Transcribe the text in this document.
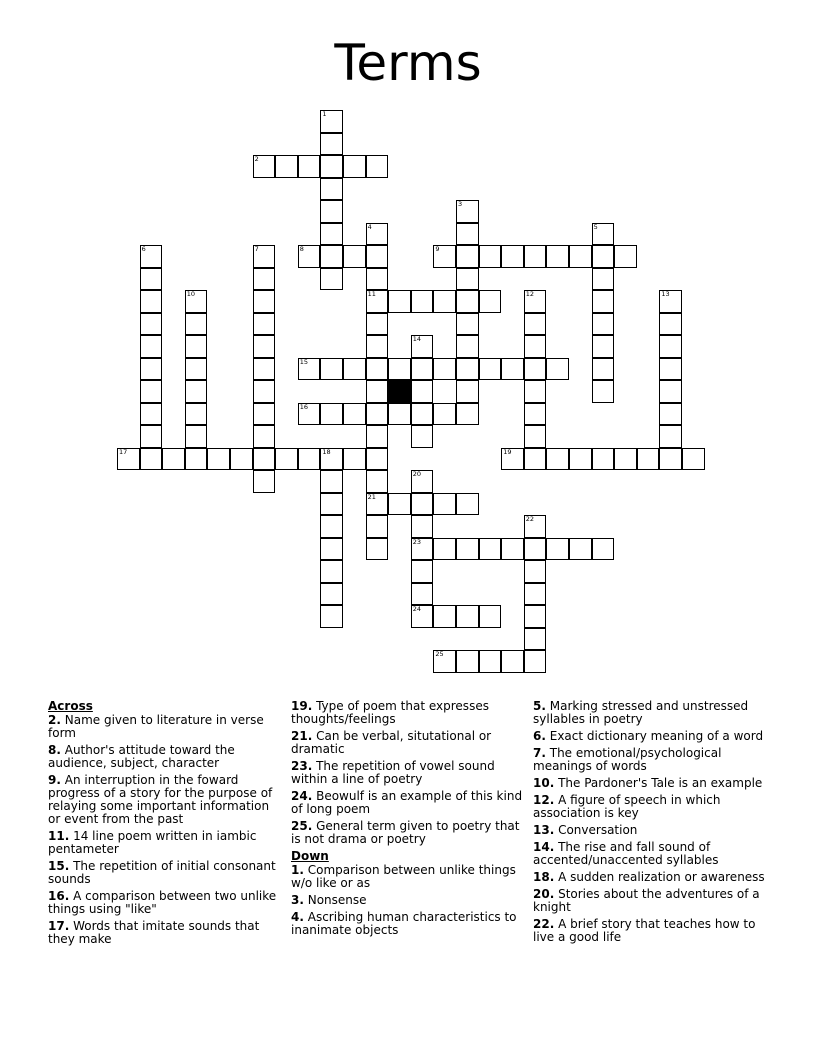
Terms
1
2
3
4
11
21
5
6	7	8	9
10	12	13
14
15
16
17	18	19
20
23
24
22
25
Across
2. Name given to literature in verse form
8. Author's attitude toward the audience, subject, character
9. An interruption in the foward progress of a story for the purpose of relaying some important information or event from the past
11. 14 line poem written in iambic pentameter
15. The repetition of initial consonant sounds
16. A comparison between two unlike things using "like"
17. Words that imitate sounds that they make
19. Type of poem that expresses thoughts/feelings
21. Can be verbal, situtational or dramatic
23. The repetition of vowel sound within a line of poetry
24. Beowulf is an example of this kind of long poem
25. General term given to poetry that is not drama or poetry
Down
1. Comparison between unlike things w/o like or as
3. Nonsense
4. Ascribing human characteristics to inanimate objects
5. Marking stressed and unstressed syllables in poetry
6. Exact dictionary meaning of a word
7. The emotional/psychological meanings of words
10. The Pardoner's Tale is an example
12. A figure of speech in which association is key
13. Conversation
14. The rise and fall sound of accented/unaccented syllables
18. A sudden realization or awareness
20. Stories about the adventures of a knight
22. A brief story that teaches how to live a good life
